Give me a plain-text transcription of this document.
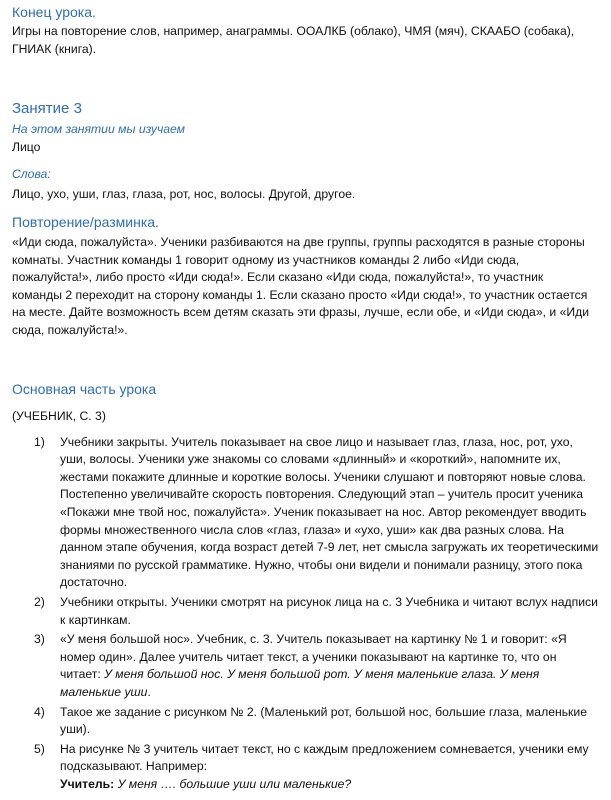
Конец урока.

Игры на повторение слов, например, анаграммы. ООАЛКБ (облако), ЧМЯ (мяч), СКААБО (собака), ГНИАК (книга).

Занятие 3

На этом занятии мы изучаем

Лицо

Слова:

Лицо, ухо, уши, глаз, глаза, рот, нос, волосы. Другой, другое.

Повторение/разминка.

«Иди сюда, пожалуйста». Ученики разбиваются на две группы, группы расходятся в разные стороны комнаты. Участник команды 1 говорит одному из участников команды 2 либо «Иди сюда, пожалуйста!», либо просто «Иди сюда!». Если сказано «Иди сюда, пожалуйста!», то участник команды 2 переходит на сторону команды 1. Если сказано просто «Иди сюда!», то участник остается на месте. Дайте возможность всем детям сказать эти фразы, лучше, если обе, и «Иди сюда», и «Иди сюда, пожалуйста!».

Основная часть урока

(УЧЕБНИК, С. 3)

1) Учебники закрыты. Учитель показывает на свое лицо и называет глаз, глаза, нос, рот, ухо, уши, волосы. Ученики уже знакомы со словами «длинный» и «короткий», напомните их, жестами покажите длинные и короткие волосы. Ученики слушают и повторяют новые слова. Постепенно увеличивайте скорость повторения. Следующий этап – учитель просит ученика «Покажи мне твой нос, пожалуйста». Ученик показывает на нос. Автор рекомендует вводить формы множественного числа слов «глаз, глаза» и «ухо, уши» как два разных слова. На данном этапе обучения, когда возраст детей 7-9 лет, нет смысла загружать их теоретическими знаниями по русской грамматике. Нужно, чтобы они видели и понимали разницу, этого пока достаточно.
2) Учебники открыты. Ученики смотрят на рисунок лица на с. 3 Учебника и читают вслух надписи к картинкам.
3) «У меня большой нос». Учебник, с. 3. Учитель показывает на картинку № 1 и говорит: «Я номер один». Далее учитель читает текст, а ученики показывают на картинке то, что он читает: У меня большой нос. У меня большой рот. У меня маленькие глаза. У меня маленькие уши.
4) Такое же задание с рисунком № 2. (Маленький рот, большой нос, большие глаза, маленькие уши).
5) На рисунке № 3 учитель читает текст, но с каждым предложением сомневается, ученики ему подсказывают. Например:
Учитель: У меня …. большие уши или маленькие?
